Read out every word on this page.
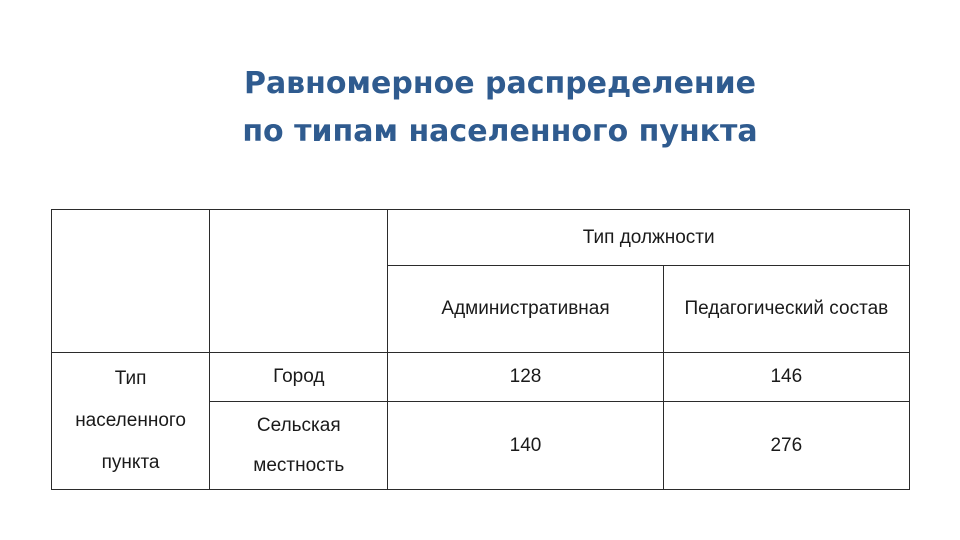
Равномерное распределение
по типам населенного пункта
		Тип должности	
		Административная	Педагогический состав

Тип
населенного
пункта	Город	128	146

	Сельская
местность	140	276
